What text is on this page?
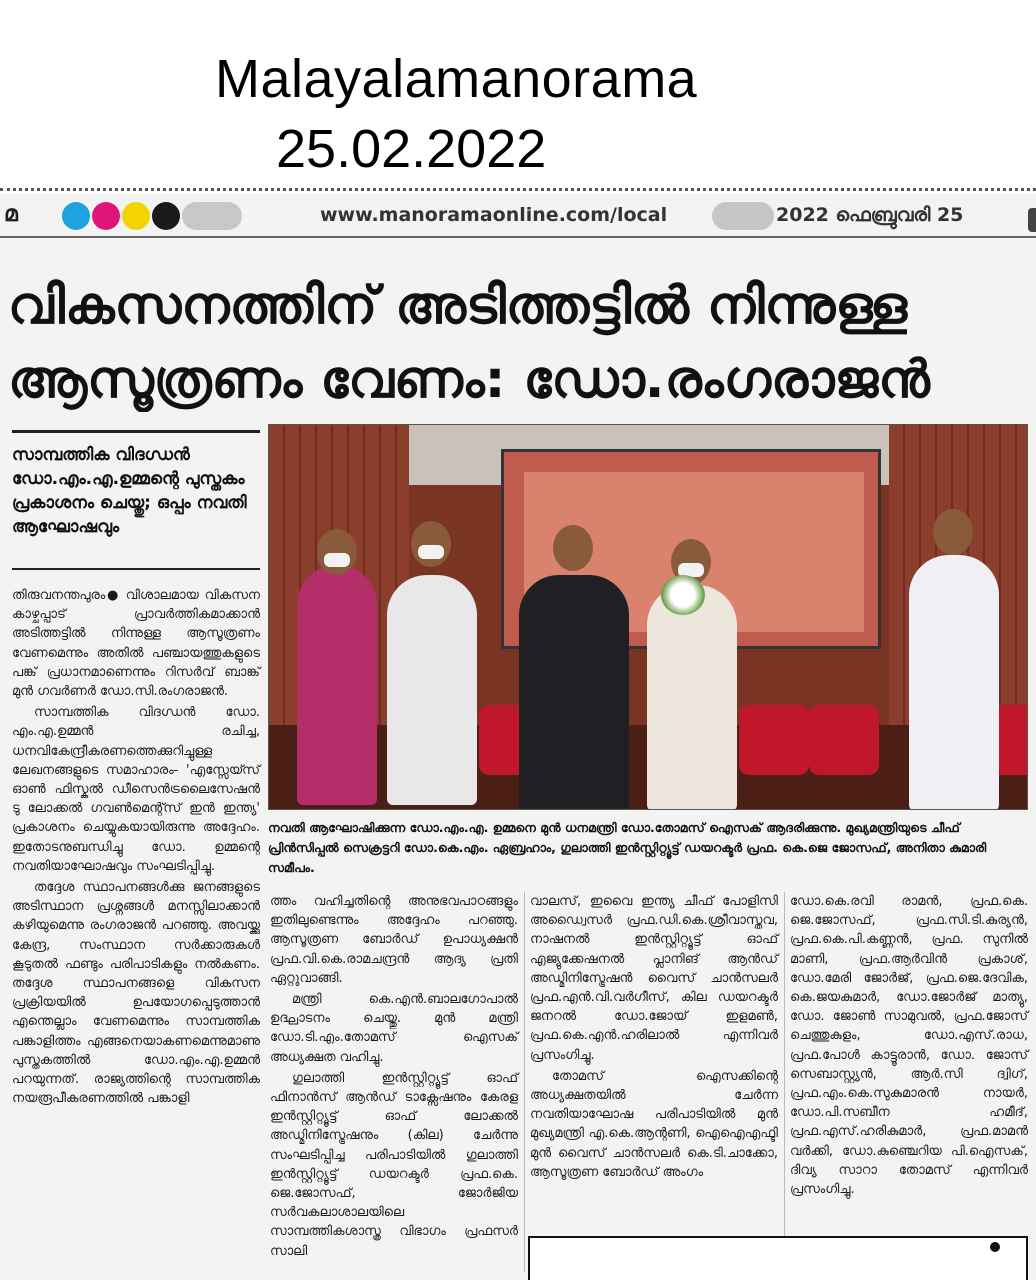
Malayalamanorama
25.02.2022
മ	www.manoramaonline.com/local	2022 ഫെബ്രുവരി 25
വികസനത്തിന് അടിത്തട്ടിൽ നിന്നുള്ള
ആസൂത്രണം വേണം: ഡോ.രംഗരാജൻ
സാമ്പത്തിക വിദഗ്ധൻ ഡോ.എം.എ.ഉമ്മന്റെ പുസ്തകം പ്രകാശനം ചെയ്തു; ഒപ്പം നവതി ആഘോഷവും
നവതി ആഘോഷിക്കുന്ന ഡോ.എം.എ. ഉമ്മനെ മുൻ ധനമന്ത്രി ഡോ.തോമസ് ഐസക് ആദരിക്കുന്നു. മുഖ്യമന്ത്രിയുടെ ചീഫ് പ്രിൻസിപ്പൽ സെക്രട്ടറി ഡോ.കെ.എം. ഏബ്രഹാം, ഗുലാത്തി ഇൻസ്റ്റിറ്റ്യൂട്ട് ഡയറക്ടർ പ്രഫ. കെ.ജെ ജോസഫ്, അനിതാ കുമാരി സമീപം.

തിരുവനന്തപുരം● വിശാലമായ വികസന കാഴ്ചപ്പാട് പ്രാവർത്തികമാക്കാൻ അടിത്തട്ടിൽ നിന്നുള്ള ആസൂത്രണം വേണമെന്നും അതിൽ പഞ്ചായത്തുകളുടെ പങ്ക് പ്രധാനമാണെന്നും റിസർവ് ബാങ്ക് മുൻ ഗവർണർ ഡോ.സി.രംഗരാജൻ.

സാമ്പത്തിക വിദഗ്ധൻ ഡോ. എം.എ.ഉമ്മൻ രചിച്ച, ധനവികേന്ദ്രീകരണത്തെക്കുറിച്ചുള്ള ലേഖനങ്ങളുടെ സമാഹാരം- 'എസ്സേയ്സ് ഓൺ ഫിസ്കൽ ഡീസെൻട്രലൈസേഷൻ ടു ലോക്കൽ ഗവൺമെന്റ്സ് ഇൻ ഇന്ത്യ' പ്രകാശനം ചെയ്യുകയായിരുന്നു അദ്ദേഹം. ഇതോടനുബന്ധിച്ചു ഡോ. ഉമ്മന്റെ നവതിയാഘോഷവും സംഘടിപ്പിച്ചു.

തദ്ദേശ സ്ഥാപനങ്ങൾക്കു ജനങ്ങളുടെ അടിസ്ഥാന പ്രശ്നങ്ങൾ മനസ്സിലാക്കാൻ കഴിയുമെന്നു രംഗരാജൻ പറഞ്ഞു. അവയ്ക്കു കേന്ദ്ര, സംസ്ഥാന സർക്കാരുകൾ കൂടുതൽ ഫണ്ടും പരിപാടികളും നൽകണം. തദ്ദേശ സ്ഥാപനങ്ങളെ വികസന പ്രക്രിയയിൽ ഉപയോഗപ്പെടുത്താൻ എന്തെല്ലാം വേണമെന്നും സാമ്പത്തിക പങ്കാളിത്തം എങ്ങനെയാകണമെന്നുമാണു പുസ്തകത്തിൽ ഡോ.എം.എ.ഉമ്മൻ പറയുന്നത്. രാജ്യത്തിന്റെ സാമ്പത്തിക നയരൂപീകരണത്തിൽ പങ്കാളി

ത്തം വഹിച്ചതിന്റെ അനുഭവപാഠങ്ങളും ഇതിലുണ്ടെന്നും അദ്ദേഹം പറഞ്ഞു. ആസൂത്രണ ബോർഡ് ഉപാധ്യക്ഷൻ പ്രഫ.വി.കെ.രാമചന്ദ്രൻ ആദ്യ പ്രതി ഏറ്റുവാങ്ങി.

മന്ത്രി കെ.എൻ.ബാലഗോപാൽ ഉദ്ഘാടനം ചെയ്തു. മുൻ മന്ത്രി ഡോ.ടി.എം.തോമസ് ഐസക് അധ്യക്ഷത വഹിച്ചു.

ഗുലാത്തി ഇൻസ്റ്റിറ്റ്യൂട്ട് ഓഫ് ഫിനാൻസ് ആൻഡ് ടാക്സേഷനും കേരള ഇൻസ്റ്റിറ്റ്യൂട്ട് ഓഫ് ലോക്കൽ അഡ്മിനിസ്ട്രേഷനും (കില) ചേർന്നു സംഘടിപ്പിച്ച പരിപാടിയിൽ ഗുലാത്തി ഇൻസ്റ്റിറ്റ്യൂട്ട് ഡയറക്ടർ പ്രഫ.കെ. ജെ.ജോസഫ്, ജോർജിയ സർവകലാശാലയിലെ സാമ്പത്തികശാസ്ത്ര വിഭാഗം പ്രഫസർ സാലി

വാലസ്, ഇവൈ ഇന്ത്യ ചീഫ് പോളിസി അഡ്വൈസർ പ്രഫ.ഡി.കെ.ശ്രീവാസ്തവ, നാഷനൽ ഇൻസ്റ്റിറ്റ്യൂട്ട് ഓഫ് എജ്യുക്കേഷനൽ പ്ലാനിങ് ആൻഡ് അഡ്മിനിസ്ട്രേഷൻ വൈസ് ചാൻസലർ പ്രഫ.എൻ.വി.വർഗീസ്, കില ഡയറക്ടർ ജനറൽ ഡോ.ജോയ് ഇളമൺ, പ്രഫ.കെ.എൻ.ഹരിലാൽ എന്നിവർ പ്രസംഗിച്ചു.

തോമസ് ഐസക്കിന്റെ അധ്യക്ഷതയിൽ ചേർന്ന നവതിയാഘോഷ പരിപാടിയിൽ മുൻ മുഖ്യമന്ത്രി എ.കെ.ആന്റണി, ഐഐഎഫ്ടി മുൻ വൈസ് ചാൻസലർ കെ.ടി.ചാക്കോ, ആസൂത്രണ ബോർഡ് അംഗം

ഡോ.കെ.രവി രാമൻ, പ്രഫ.കെ. ജെ.ജോസഫ്, പ്രഫ.സി.ടി.കുര്യൻ, പ്രഫ.കെ.പി.കണ്ണൻ, പ്രഫ. സുനിൽ മാണി, പ്രഫ.ആർവിൻ പ്രകാശ്, ഡോ.മേരി ജോർജ്, പ്രഫ.ജെ.ദേവിക, കെ.ജയകുമാർ, ഡോ.ജോർജ് മാത്യു, ഡോ. ജോൺ സാമുവൽ, പ്രഫ.ജോസ് ചെത്തുകുളം, ഡോ.എസ്.രാധ, പ്രഫ.പോൾ കാട്ടൂരാൻ, ഡോ. ജോസ് സെബാസ്റ്റ്യൻ, ആർ.സി ദ്വിഗ്, പ്രഫ.എം.കെ.സുകുമാരൻ നായർ, ഡോ.പി.സബീന ഹമീദ്, പ്രഫ.എസ്.ഹരികുമാർ, പ്രഫ.മാമൻ വർക്കി, ഡോ.കുഞ്ചെറിയ പി.ഐസക്, ദിവ്യ സാറാ തോമസ് എന്നിവർ പ്രസംഗിച്ചു.
